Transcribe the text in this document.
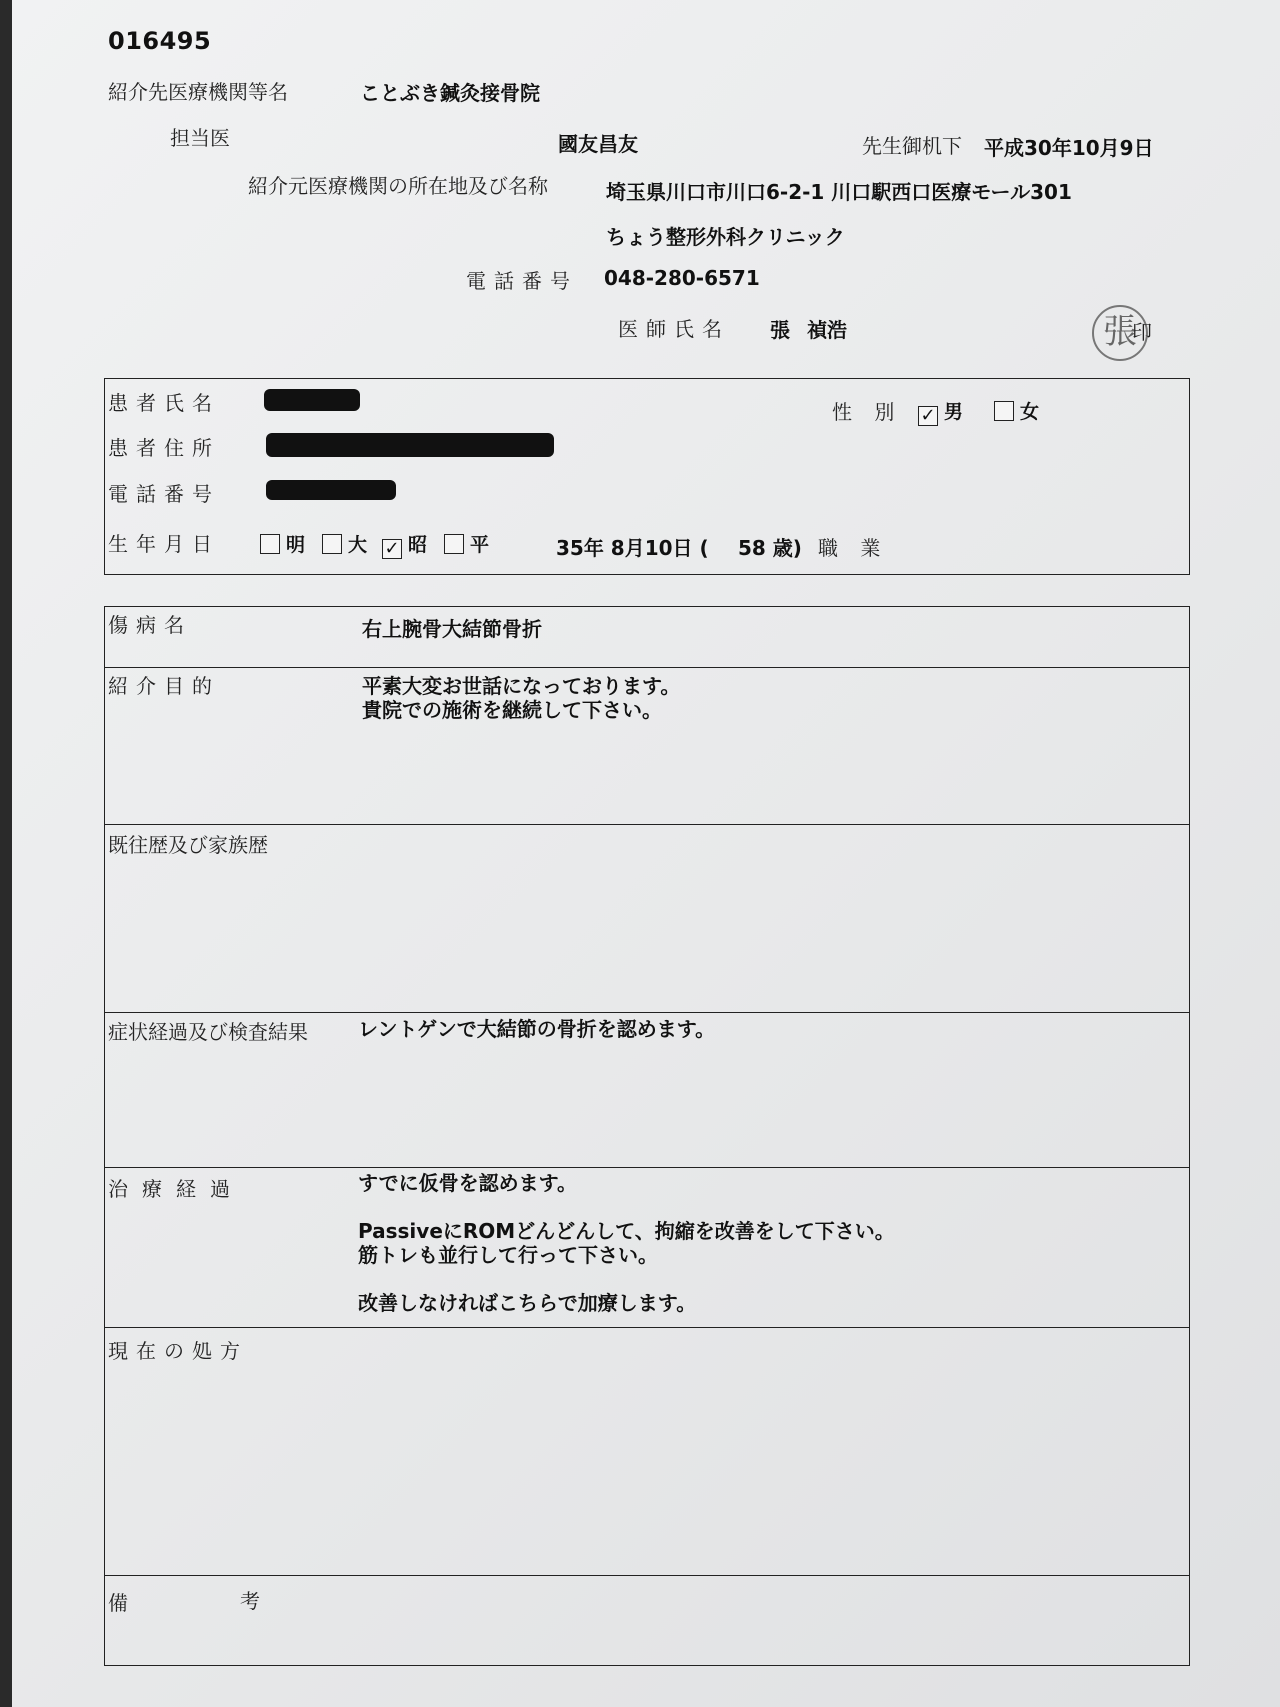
016495
紹介先医療機関等名	ことぶき鍼灸接骨院
担当医	國友昌友	先生御机下 平成30年10月9日
紹介元医療機関の所在地及び名称	埼玉県川口市川口6-2-1 川口駅西口医療モール301
ちょう整形外科クリニック
電話番号 048-280-6571
医師氏名 張 禎浩	張
印
患者氏名
患者住所
電話番号
性 別 ✓ 男	女
生年月日	明	大 ✓ 昭	平	35年 8月10日 ( 58 歳) 職 業
傷病名	右上腕骨大結節骨折
紹介目的	平素大変お世話になっております。
貴院での施術を継続して下さい。
既往歴及び家族歴
症状経過及び検査結果	レントゲンで大結節の骨折を認めます。
治療経過	すでに仮骨を認めます。

PassiveにROMどんどんして、拘縮を改善をして下さい。
筋トレも並行して行って下さい。

改善しなければこちらで加療します。
現在の処方
備	考
